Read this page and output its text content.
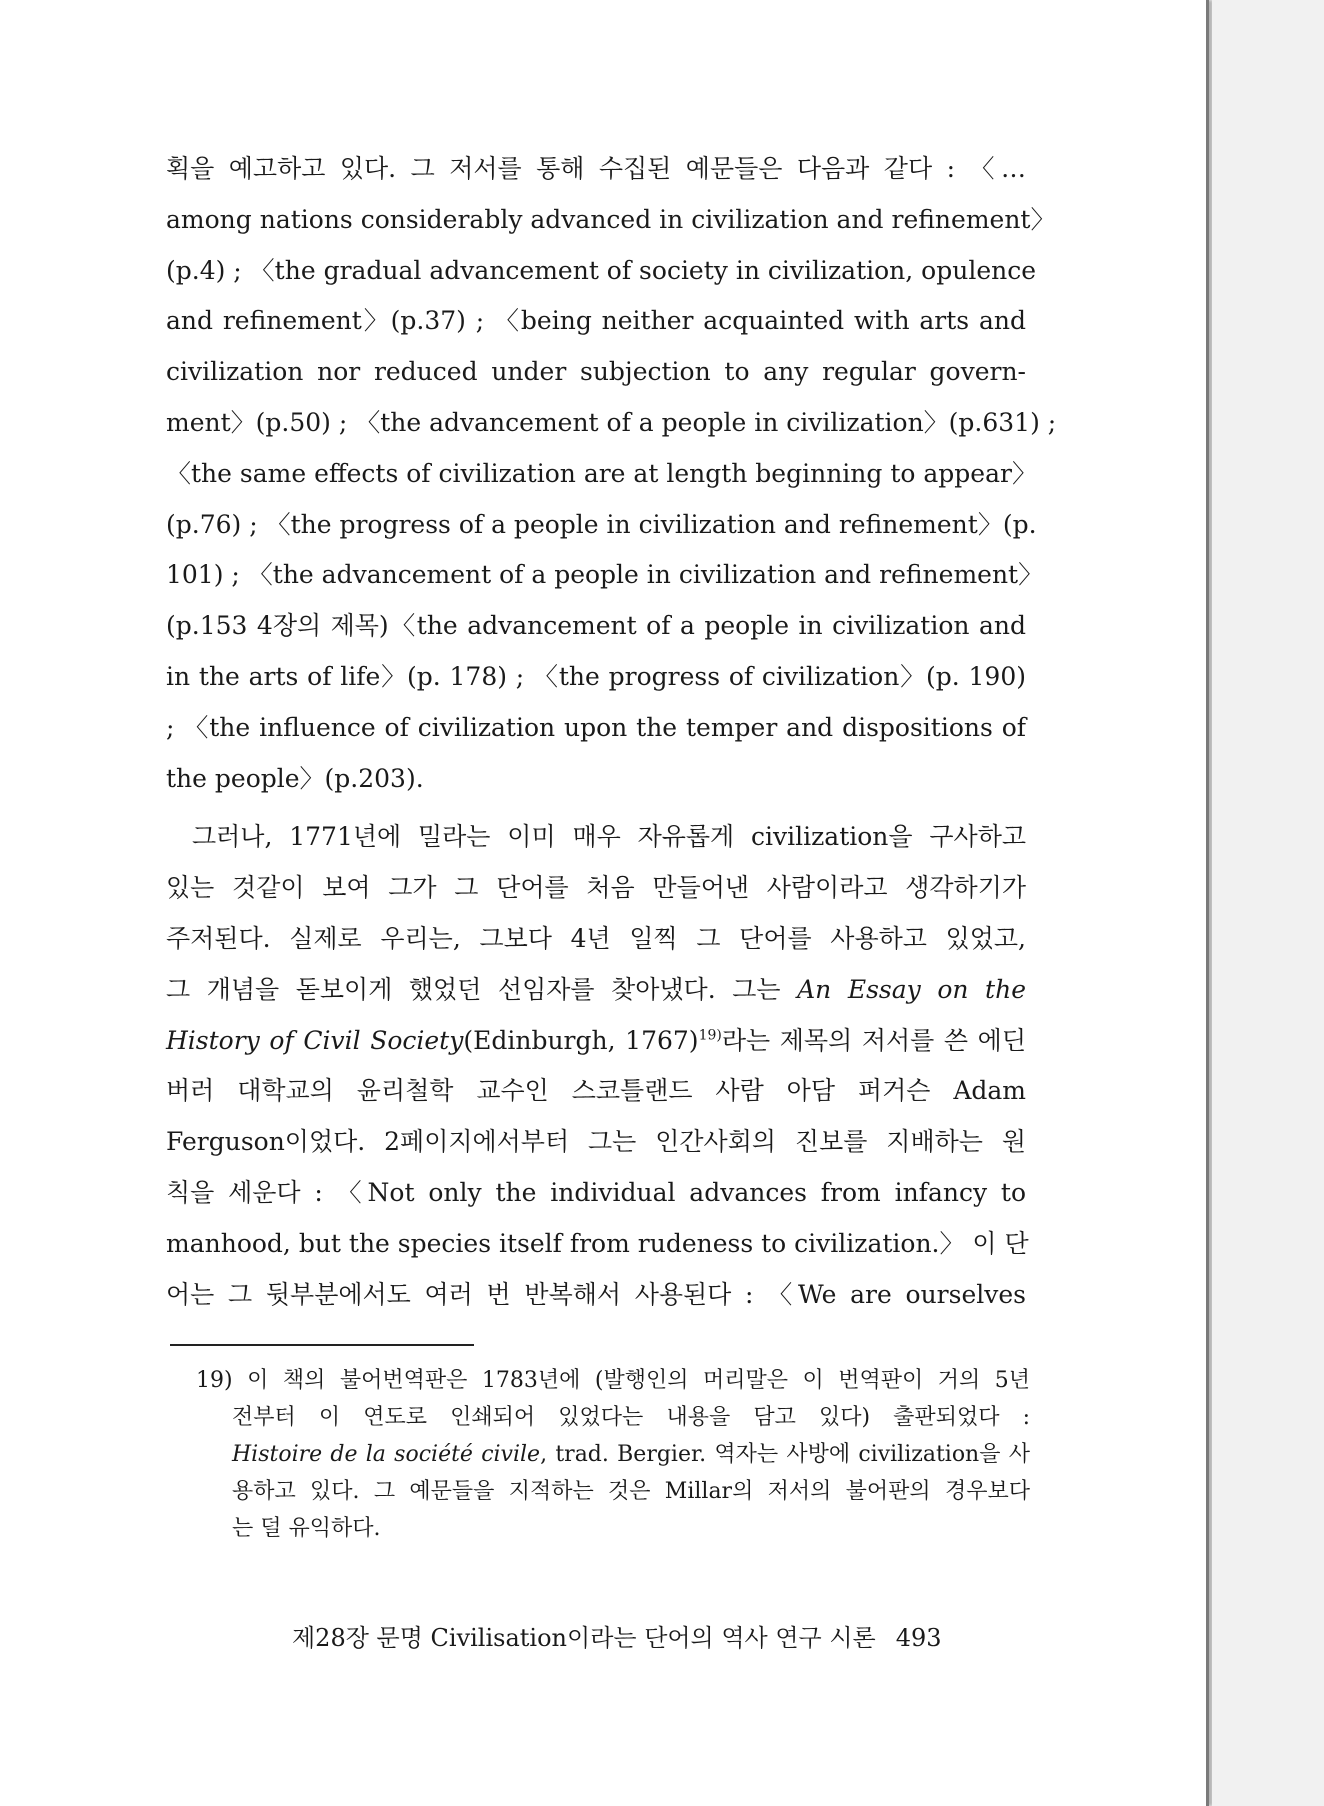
획을 예고하고 있다. 그 저서를 통해 수집된 예문들은 다음과 같다 : 〈…
among nations considerably advanced in civilization and refinement〉
(p.4) ; 〈the gradual advancement of society in civilization, opulence
and refinement〉(p.37) ; 〈being neither acquainted with arts and
civilization nor reduced under subjection to any regular govern-
ment〉(p.50) ; 〈the advancement of a people in civilization〉(p.631) ;
〈the same effects of civilization are at length beginning to appear〉
(p.76) ; 〈the progress of a people in civilization and refinement〉(p.
101) ; 〈the advancement of a people in civilization and refinement〉
(p.153 4장의 제목)〈the advancement of a people in civilization and
in the arts of life〉(p. 178) ; 〈the progress of civilization〉(p. 190)
; 〈the influence of civilization upon the temper and dispositions of
the people〉(p.203).
그러나, 1771년에 밀라는 이미 매우 자유롭게 civilization을 구사하고
있는 것같이 보여 그가 그 단어를 처음 만들어낸 사람이라고 생각하기가
주저된다. 실제로 우리는, 그보다 4년 일찍 그 단어를 사용하고 있었고,
그 개념을 돋보이게 했었던 선임자를 찾아냈다. 그는 An Essay on the
History of Civil Society(Edinburgh, 1767)$^{19)}$라는 제목의 저서를 쓴 에딘
버러 대학교의 윤리철학 교수인 스코틀랜드 사람 아담 퍼거슨 Adam
Ferguson이었다. 2페이지에서부터 그는 인간사회의 진보를 지배하는 원
칙을 세운다 : 〈Not only the individual advances from infancy to
manhood, but the species itself from rudeness to civilization.〉 이 단
어는 그 뒷부분에서도 여러 번 반복해서 사용된다 : 〈We are ourselves
19) 이 책의 불어번역판은 1783년에 (발행인의 머리말은 이 번역판이 거의 5년
전부터 이 연도로 인쇄되어 있었다는 내용을 담고 있다) 출판되었다 :
Histoire de la société civile, trad. Bergier. 역자는 사방에 civilization을 사
용하고 있다. 그 예문들을 지적하는 것은 Millar의 저서의 불어판의 경우보다
는 덜 유익하다.
제28장 문명 Civilisation이라는 단어의 역사 연구 시론 493
